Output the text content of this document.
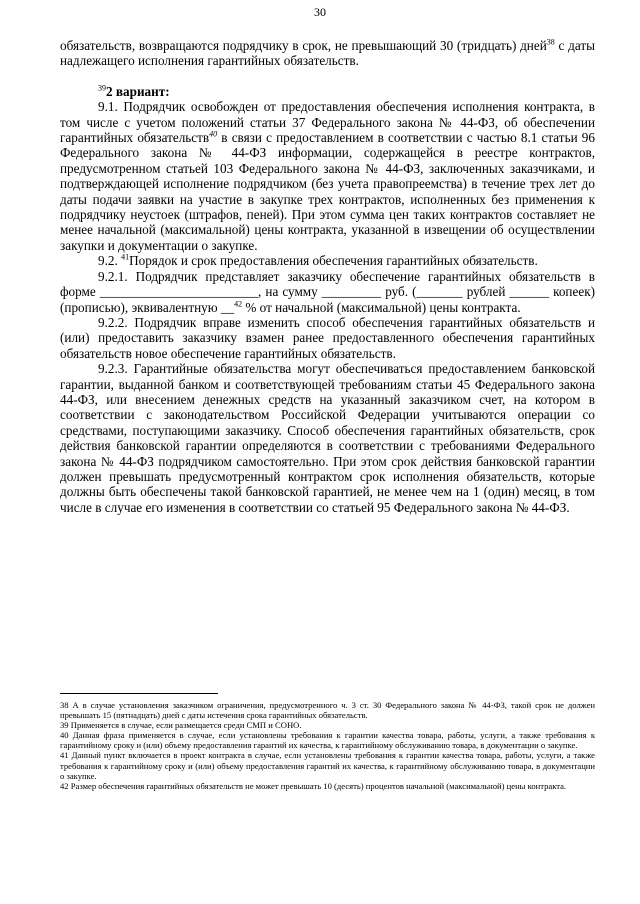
30

обязательств, возвращаются подрядчику в срок, не превышающий 30 (тридцать) дней$^{38}$ с даты надлежащего исполнения гарантийных обязательств.

$^{39}$2 вариант:

9.1. Подрядчик освобожден от предоставления обеспечения исполнения контракта, в том числе с учетом положений статьи 37 Федерального закона № 44-ФЗ, об обеспечении гарантийных обязательств$^{40}$ в связи с предоставлением в соответствии с частью 8.1 статьи 96 Федерального закона № 44-ФЗ информации, содержащейся в реестре контрактов, предусмотренном статьей 103 Федерального закона № 44-ФЗ, заключенных заказчиками, и подтверждающей исполнение подрядчиком (без учета правопреемства) в течение трех лет до даты подачи заявки на участие в закупке трех контрактов, исполненных без применения к подрядчику неустоек (штрафов, пеней). При этом сумма цен таких контрактов составляет не менее начальной (максимальной) цены контракта, указанной в извещении об осуществлении закупки и документации о закупке.

9.2. $^{41}$Порядок и срок предоставления обеспечения гарантийных обязательств.

9.2.1. Подрядчик представляет заказчику обеспечение гарантийных обязательств в форме ________________________, на сумму _________ руб. (_______ рублей ______ копеек) (прописью), эквивалентную __$^{42}$ % от начальной (максимальной) цены контракта.

9.2.2. Подрядчик вправе изменить способ обеспечения гарантийных обязательств и (или) предоставить заказчику взамен ранее предоставленного обеспечения гарантийных обязательств новое обеспечение гарантийных обязательств.

9.2.3. Гарантийные обязательства могут обеспечиваться предоставлением банковской гарантии, выданной банком и соответствующей требованиям статьи 45 Федерального закона 44-ФЗ, или внесением денежных средств на указанный заказчиком счет, на котором в соответствии с законодательством Российской Федерации учитываются операции со средствами, поступающими заказчику. Способ обеспечения гарантийных обязательств, срок действия банковской гарантии определяются в соответствии с требованиями Федерального закона № 44-ФЗ подрядчиком самостоятельно. При этом срок действия банковской гарантии должен превышать предусмотренный контрактом срок исполнения обязательств, которые должны быть обеспечены такой банковской гарантией, не менее чем на 1 (один) месяц, в том числе в случае его изменения в соответствии со статьей 95 Федерального закона № 44-ФЗ.

38 А в случае установления заказчиком ограничения, предусмотренного ч. 3 ст. 30 Федерального закона № 44-ФЗ, такой срок не должен превышать 15 (пятнадцать) дней с даты истечения срока гарантийных обязательств.

39 Применяется в случае, если размещается среди СМП и СОНО.

40 Данная фраза применяется в случае, если установлены требования к гарантии качества товара, работы, услуги, а также требования к гарантийному сроку и (или) объему предоставления гарантий их качества, к гарантийному обслуживанию товара, в документации о закупке.

41 Данный пункт включается в проект контракта в случае, если установлены требования к гарантии качества товара, работы, услуги, а также требования к гарантийному сроку и (или) объему предоставления гарантий их качества, к гарантийному обслуживанию товара, в документации о закупке.

42 Размер обеспечения гарантийных обязательств не может превышать 10 (десять) процентов начальной (максимальной) цены контракта.
